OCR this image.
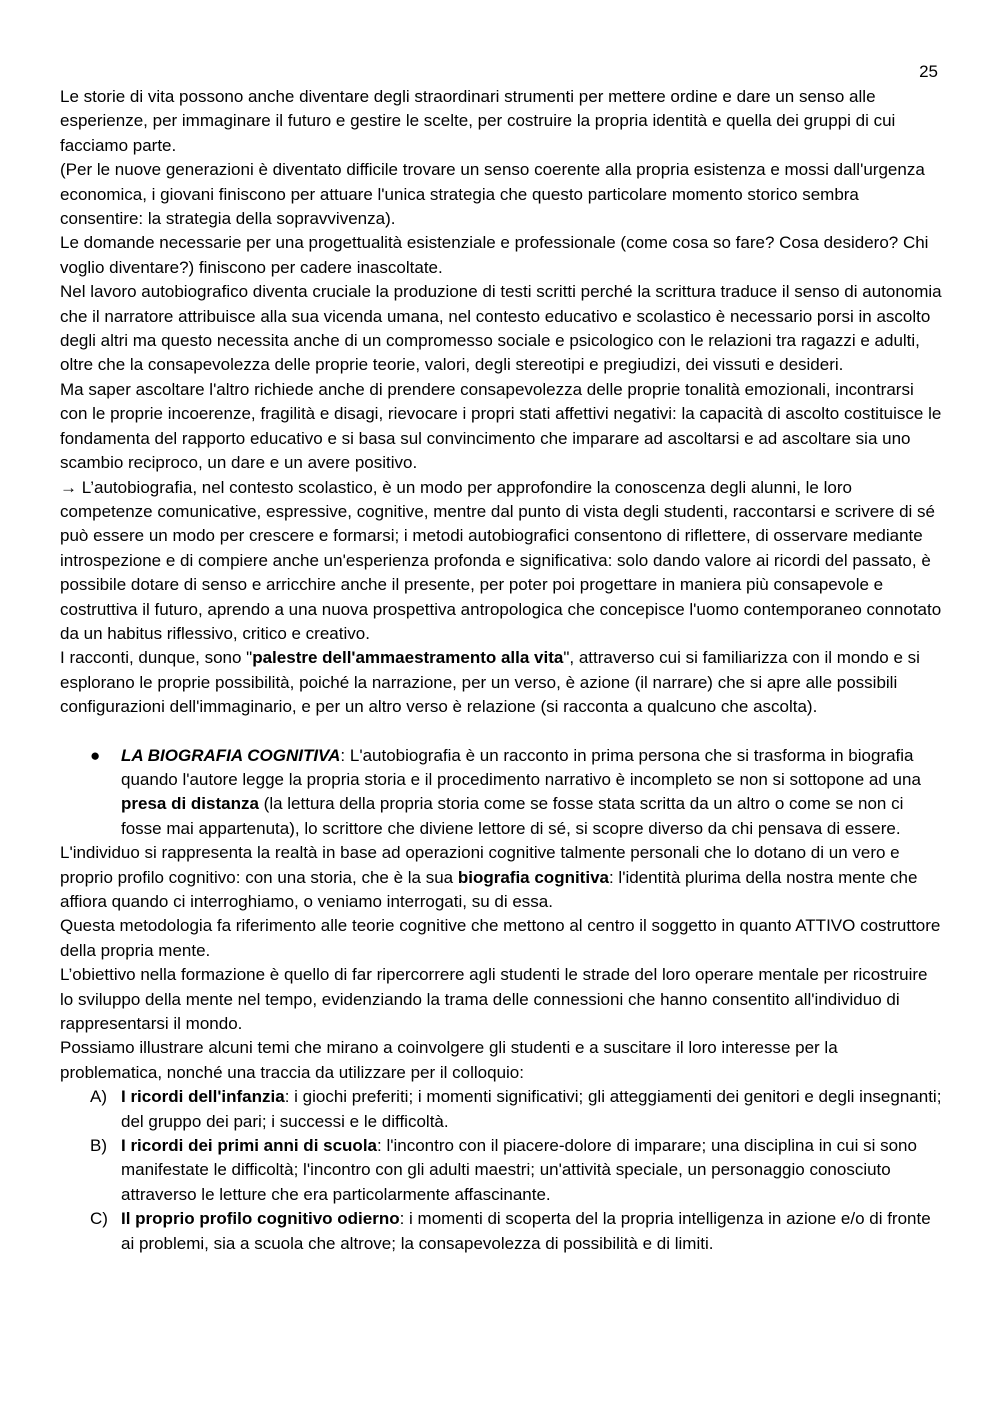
25

Le storie di vita possono anche diventare degli straordinari strumenti per mettere ordine e dare un senso alle esperienze, per immaginare il futuro e gestire le scelte, per costruire la propria identità e quella dei gruppi di cui facciamo parte.

(Per le nuove generazioni è diventato difficile trovare un senso coerente alla propria esistenza e mossi dall'urgenza economica, i giovani finiscono per attuare l'unica strategia che questo particolare momento storico sembra consentire: la strategia della sopravvivenza).

Le domande necessarie per una progettualità esistenziale e professionale (come cosa so fare? Cosa desidero? Chi voglio diventare?) finiscono per cadere inascoltate.

Nel lavoro autobiografico diventa cruciale la produzione di testi scritti perché la scrittura traduce il senso di autonomia che il narratore attribuisce alla sua vicenda umana, nel contesto educativo e scolastico è necessario porsi in ascolto degli altri ma questo necessita anche di un compromesso sociale e psicologico con le relazioni tra ragazzi e adulti, oltre che la consapevolezza delle proprie teorie, valori, degli stereotipi e pregiudizi, dei vissuti e desideri.

Ma saper ascoltare l'altro richiede anche di prendere consapevolezza delle proprie tonalità emozionali, incontrarsi con le proprie incoerenze, fragilità e disagi, rievocare i propri stati affettivi negativi: la capacità di ascolto costituisce le fondamenta del rapporto educativo e si basa sul convincimento che imparare ad ascoltarsi e ad ascoltare sia uno scambio reciproco, un dare e un avere positivo.

→ L’autobiografia, nel contesto scolastico, è un modo per approfondire la conoscenza degli alunni, le loro competenze comunicative, espressive, cognitive, mentre dal punto di vista degli studenti, raccontarsi e scrivere di sé può essere un modo per crescere e formarsi; i metodi autobiografici consentono di riflettere, di osservare mediante introspezione e di compiere anche un'esperienza profonda e significativa: solo dando valore ai ricordi del passato, è possibile dotare di senso e arricchire anche il presente, per poter poi progettare in maniera più consapevole e costruttiva il futuro, aprendo a una nuova prospettiva antropologica che concepisce l'uomo contemporaneo connotato da un habitus riflessivo, critico e creativo.

I racconti, dunque, sono "palestre dell'ammaestramento alla vita", attraverso cui si familiarizza con il mondo e si esplorano le proprie possibilità, poiché la narrazione, per un verso, è azione (il narrare) che si apre alle possibili configurazioni dell'immaginario, e per un altro verso è relazione (si racconta a qualcuno che ascolta).

● LA BIOGRAFIA COGNITIVA: L'autobiografia è un racconto in prima persona che si trasforma in biografia quando l'autore legge la propria storia e il procedimento narrativo è incompleto se non si sottopone ad una presa di distanza (la lettura della propria storia come se fosse stata scritta da un altro o come se non ci fosse mai appartenuta), lo scrittore che diviene lettore di sé, si scopre diverso da chi pensava di essere.

L'individuo si rappresenta la realtà in base ad operazioni cognitive talmente personali che lo dotano di un vero e proprio profilo cognitivo: con una storia, che è la sua biografia cognitiva: l'identità plurima della nostra mente che affiora quando ci interroghiamo, o veniamo interrogati, su di essa.

Questa metodologia fa riferimento alle teorie cognitive che mettono al centro il soggetto in quanto ATTIVO costruttore della propria mente.

L’obiettivo nella formazione è quello di far ripercorrere agli studenti le strade del loro operare mentale per ricostruire lo sviluppo della mente nel tempo, evidenziando la trama delle connessioni che hanno consentito all'individuo di rappresentarsi il mondo.

Possiamo illustrare alcuni temi che mirano a coinvolgere gli studenti e a suscitare il loro interesse per la problematica, nonché una traccia da utilizzare per il colloquio:

A) I ricordi dell'infanzia: i giochi preferiti; i momenti significativi; gli atteggiamenti dei genitori e degli insegnanti; del gruppo dei pari; i successi e le difficoltà.
B) I ricordi dei primi anni di scuola: l'incontro con il piacere-dolore di imparare; una disciplina in cui si sono manifestate le difficoltà; l'incontro con gli adulti maestri; un'attività speciale, un personaggio conosciuto attraverso le letture che era particolarmente affascinante.
C) Il proprio profilo cognitivo odierno: i momenti di scoperta del la propria intelligenza in azione e/o di fronte ai problemi, sia a scuola che altrove; la consapevolezza di possibilità e di limiti.
